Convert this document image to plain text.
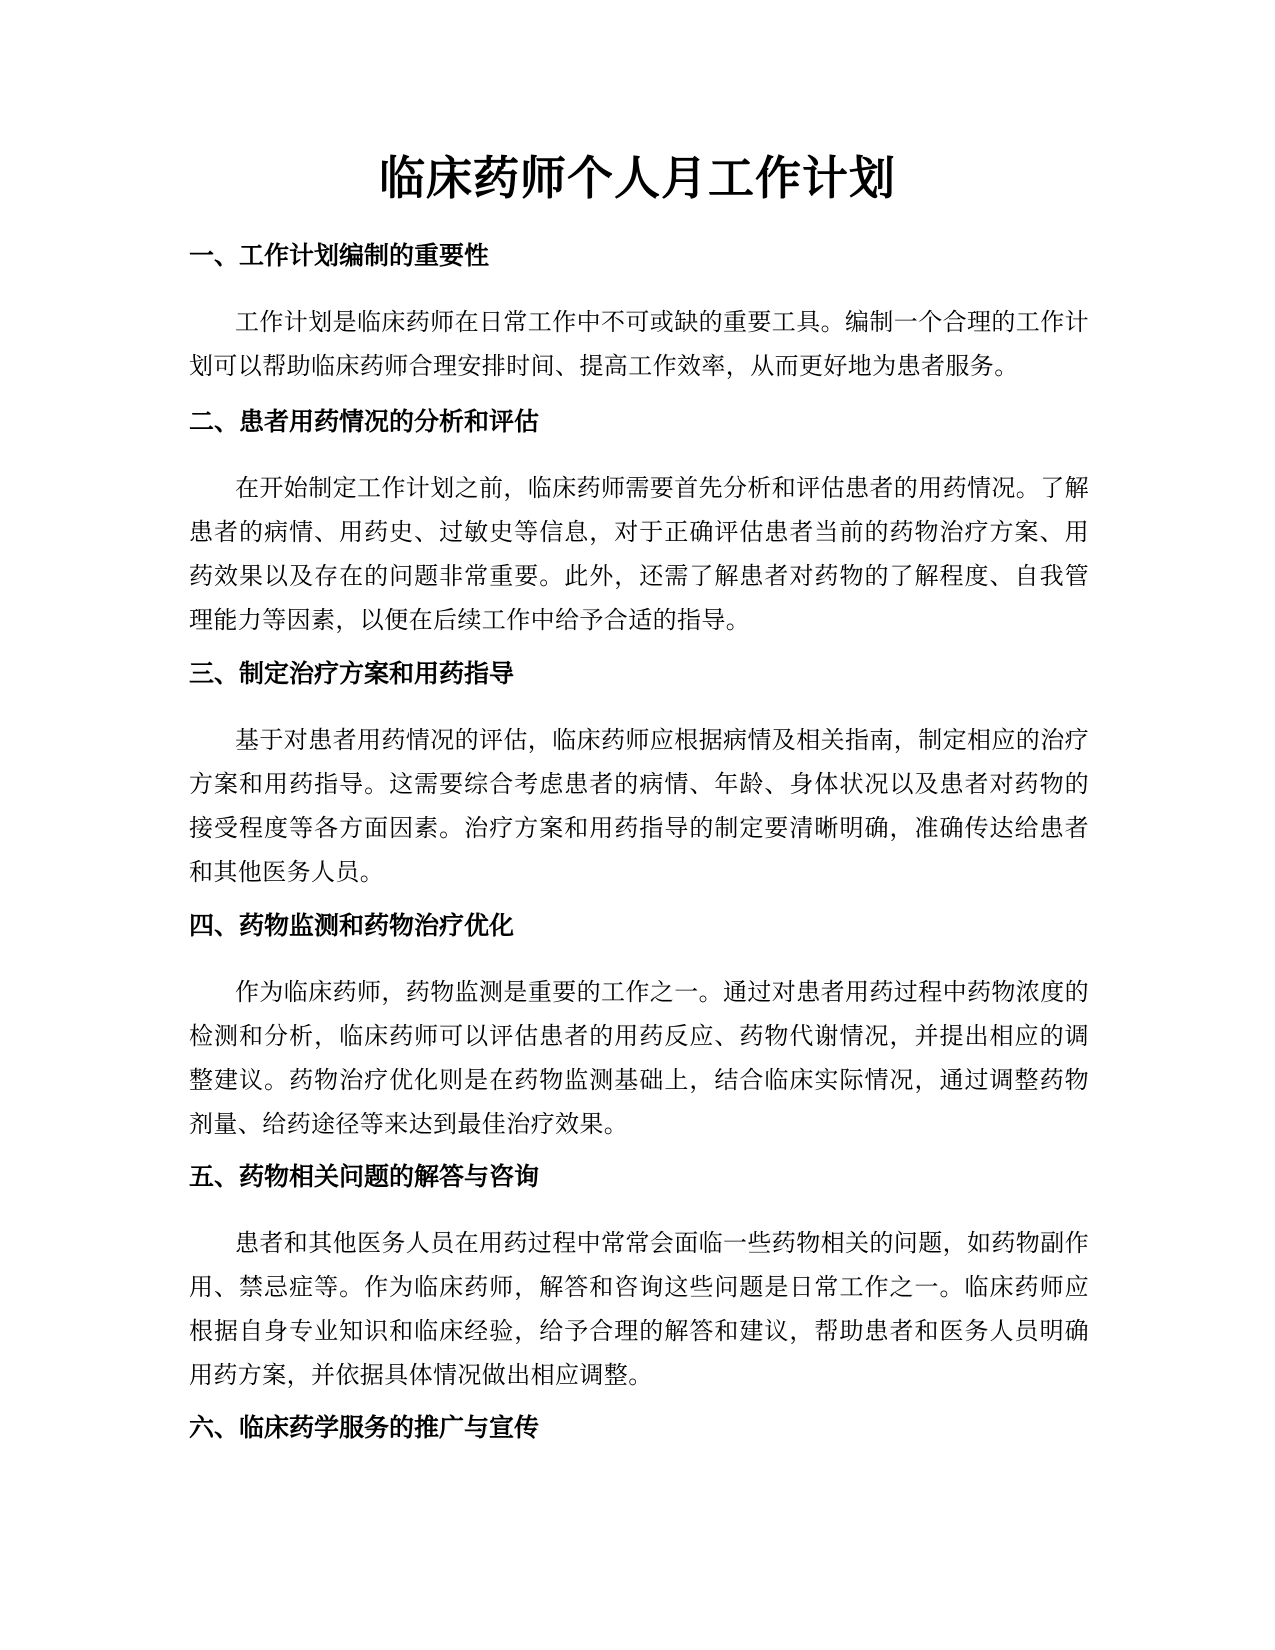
临床药师个人月工作计划
一、工作计划编制的重要性

工作计划是临床药师在日常工作中不可或缺的重要工具。编制一个合理的工作计划可以帮助临床药师合理安排时间、提高工作效率，从而更好地为患者服务。

二、患者用药情况的分析和评估

在开始制定工作计划之前，临床药师需要首先分析和评估患者的用药情况。了解患者的病情、用药史、过敏史等信息，对于正确评估患者当前的药物治疗方案、用药效果以及存在的问题非常重要。此外，还需了解患者对药物的了解程度、自我管理能力等因素，以便在后续工作中给予合适的指导。

三、制定治疗方案和用药指导

基于对患者用药情况的评估，临床药师应根据病情及相关指南，制定相应的治疗方案和用药指导。这需要综合考虑患者的病情、年龄、身体状况以及患者对药物的接受程度等各方面因素。治疗方案和用药指导的制定要清晰明确，准确传达给患者和其他医务人员。

四、药物监测和药物治疗优化

作为临床药师，药物监测是重要的工作之一。通过对患者用药过程中药物浓度的检测和分析，临床药师可以评估患者的用药反应、药物代谢情况，并提出相应的调整建议。药物治疗优化则是在药物监测基础上，结合临床实际情况，通过调整药物剂量、给药途径等来达到最佳治疗效果。

五、药物相关问题的解答与咨询

患者和其他医务人员在用药过程中常常会面临一些药物相关的问题，如药物副作用、禁忌症等。作为临床药师，解答和咨询这些问题是日常工作之一。临床药师应根据自身专业知识和临床经验，给予合理的解答和建议，帮助患者和医务人员明确用药方案，并依据具体情况做出相应调整。

六、临床药学服务的推广与宣传
